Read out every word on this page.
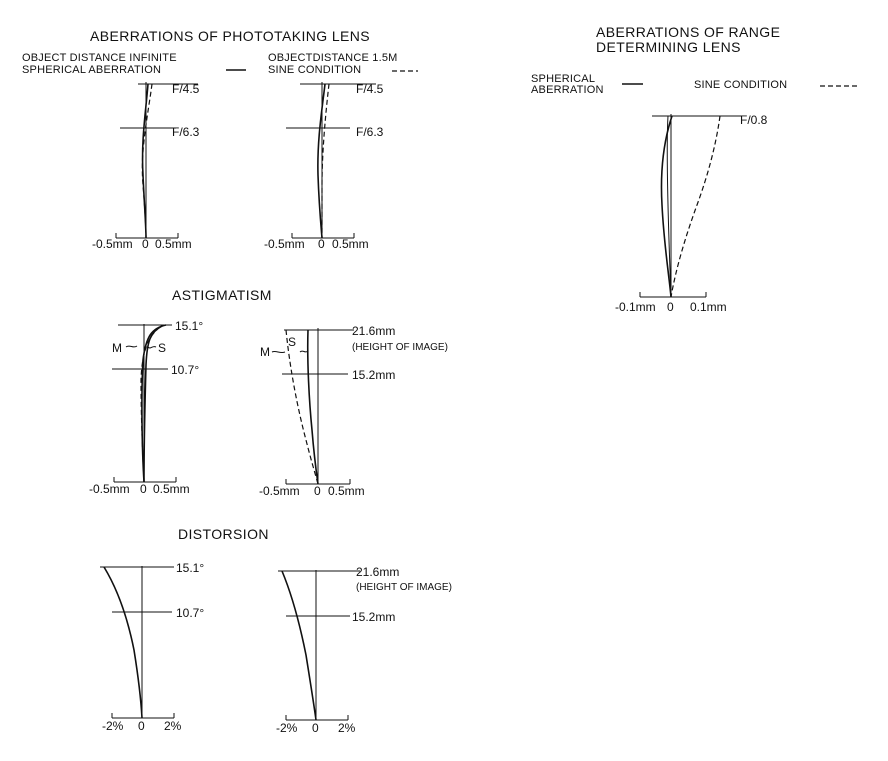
ABERRATIONS OF PHOTOTAKING LENS	ABERRATIONS OF RANGE
DETERMINING LENS
ASTIGMATISM
DISTORSION
OBJECT DISTANCE INFINITE
SPHERICAL ABERRATION
OBJECTDISTANCE 1.5M
SINE CONDITION
SPHERICAL
ABERRATION	SINE CONDITION
F/4.5
F/6.3
-0.5mm 0 0.5mm
F/4.5
F/6.3
-0.5mm 0 0.5mm
F/0.8
-0.1mm 0 0.1mm
M	S
15.1°
10.7°
-0.5mm 0 0.5mm
S
M
21.6mm
(HEIGHT OF IMAGE)
15.2mm
-0.5mm 0 0.5mm
15.1°
10.7°
-2% 0 2%
21.6mm
(HEIGHT OF IMAGE)
15.2mm
-2% 0 2%
